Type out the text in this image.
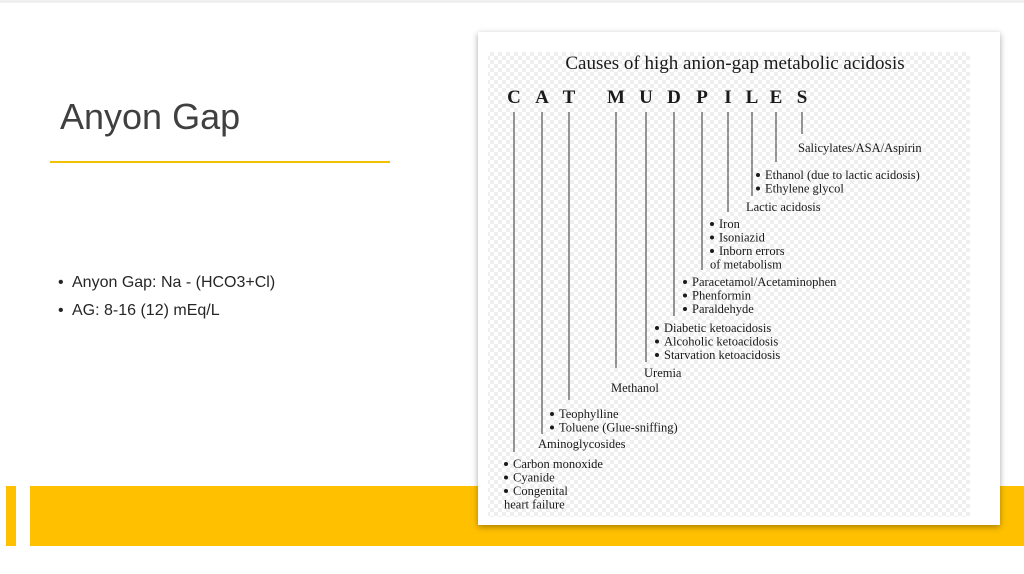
Anyon Gap
• Anyon Gap: Na - (HCO3+Cl)
• AG: 8-16 (12) mEq/L
Causes of high anion-gap metabolic acidosis
C
Carbon monoxide
Cyanide
Congenital
heart failure
A
Aminoglycosides
T
Teophylline
Toluene (Glue-sniffing)
M
Methanol
U
Uremia
D
Diabetic ketoacidosis
Alcoholic ketoacidosis
Starvation ketoacidosis
P
Paracetamol/Acetaminophen
Phenformin
Paraldehyde
I
Iron
Isoniazid
Inborn errors
of metabolism
L
Lactic acidosis
E
Ethanol (due to lactic acidosis)
Ethylene glycol
S
Salicylates/ASA/Aspirin
